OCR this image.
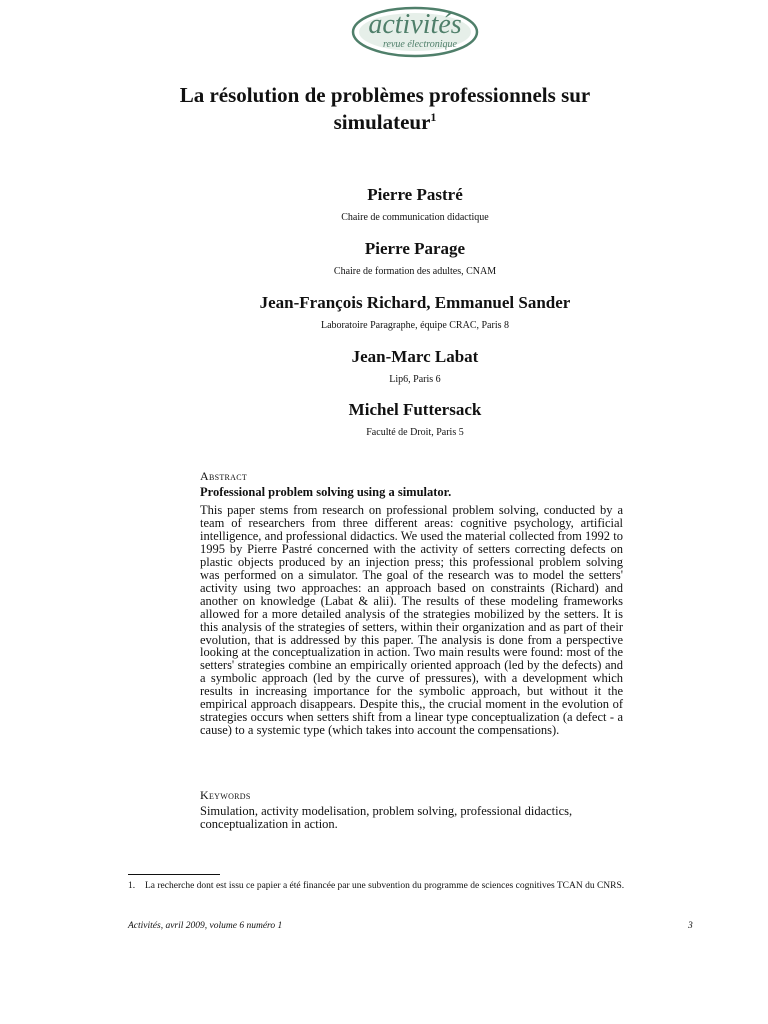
activités
revue électronique
La résolution de problèmes professionnels sur simulateur$^1$
Pierre Pastré
Chaire de communication didactique
Pierre Parage
Chaire de formation des adultes, CNAM
Jean-François Richard, Emmanuel Sander
Laboratoire Paragraphe, équipe CRAC, Paris 8
Jean-Marc Labat
Lip6, Paris 6
Michel Futtersack
Faculté de Droit, Paris 5
Abstract
Professional problem solving using a simulator.
This paper stems from research on professional problem solving, conducted by a team of researchers from three different areas: cognitive psychology, artificial intelligence, and professional didactics. We used the material collected from 1992 to 1995 by Pierre Pastré concerned with the activity of setters correcting defects on plastic objects produced by an injection press; this professional problem solving was performed on a simulator. The goal of the research was to model the setters' activity using two approaches: an approach based on constraints (Richard) and another on knowledge (Labat & alii). The results of these modeling frameworks allowed for a more detailed analysis of the strategies mobilized by the setters. It is this analysis of the strategies of setters, within their organization and as part of their evolution, that is addressed by this paper. The analysis is done from a perspective looking at the conceptualization in action. Two main results were found: most of the setters' strategies combine an empirically oriented approach (led by the defects) and a symbolic approach (led by the curve of pressures), with a development which results in increasing importance for the symbolic approach, but without it the empirical approach disappears. Despite this,, the crucial moment in the evolution of strategies occurs when setters shift from a linear type conceptualization (a defect - a cause) to a systemic type (which takes into account the compensations).
Keywords
Simulation, activity modelisation, problem solving, professional didactics, conceptualization in action.
1. La recherche dont est issu ce papier a été financée par une subvention du programme de sciences cognitives TCAN du CNRS.
Activités, avril 2009, volume 6 numéro 1	3
